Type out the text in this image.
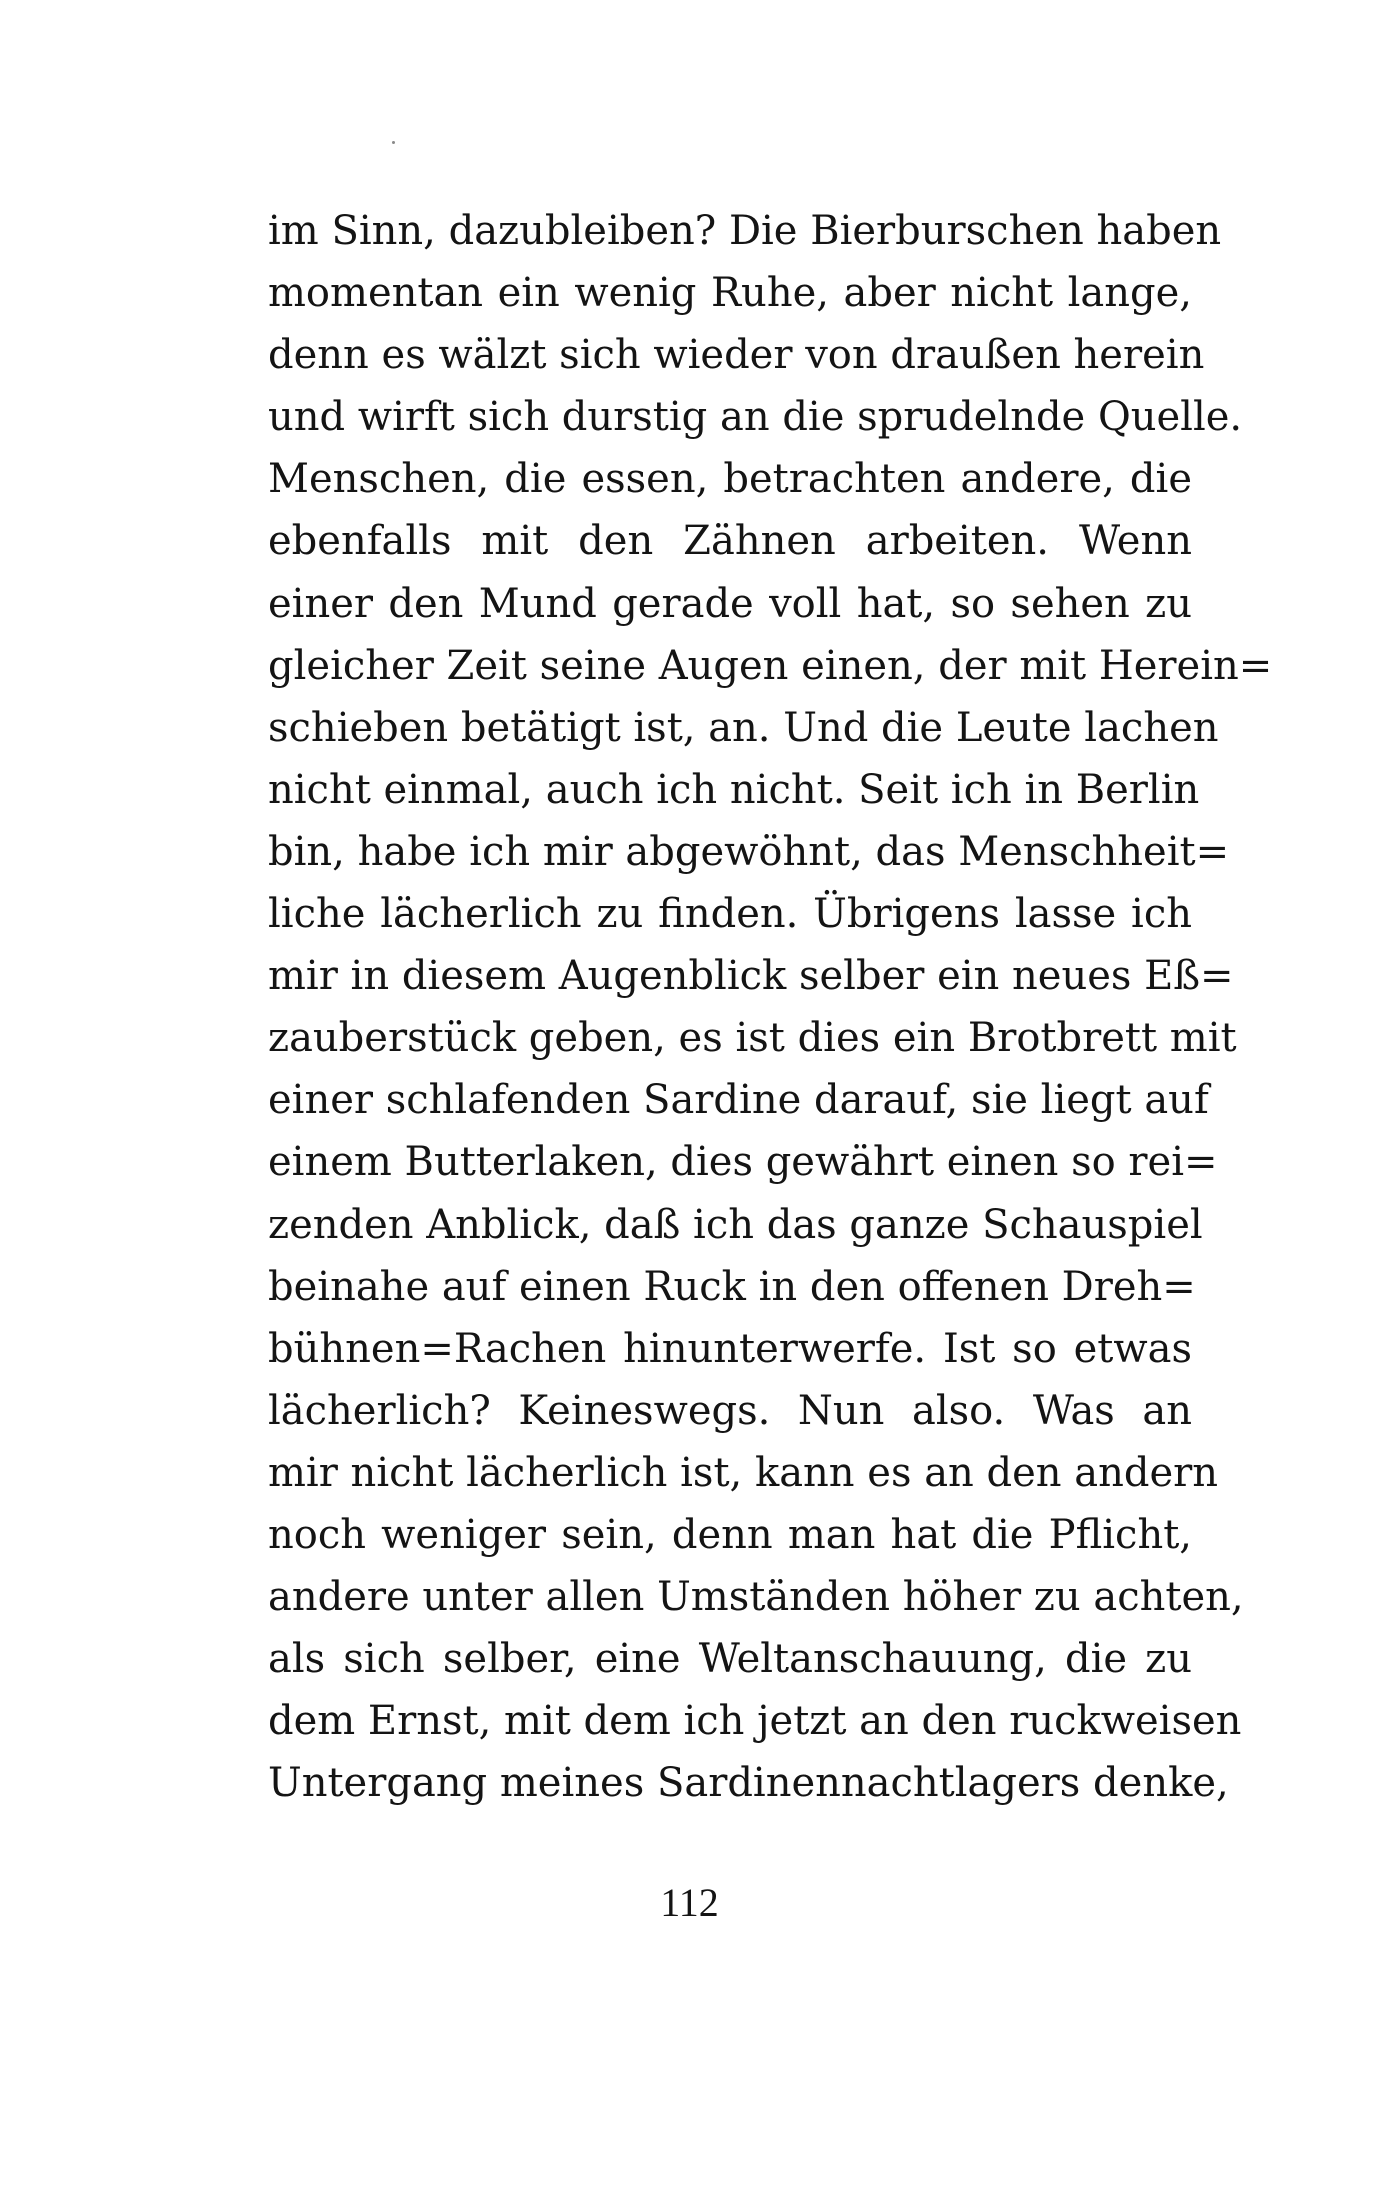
im Sinn, dazubleiben? Die Bierburschen haben
momentan ein wenig Ruhe, aber nicht lange,
denn es wälzt sich wieder von draußen herein
und wirft sich durstig an die sprudelnde Quelle.
Menschen, die essen, betrachten andere, die
ebenfalls mit den Zähnen arbeiten. Wenn
einer den Mund gerade voll hat, so sehen zu
gleicher Zeit seine Augen einen, der mit Herein=
schieben betätigt ist, an. Und die Leute lachen
nicht einmal, auch ich nicht. Seit ich in Berlin
bin, habe ich mir abgewöhnt, das Menschheit=
liche lächerlich zu finden. Übrigens lasse ich
mir in diesem Augenblick selber ein neues Eß=
zauberstück geben, es ist dies ein Brotbrett mit
einer schlafenden Sardine darauf, sie liegt auf
einem Butterlaken, dies gewährt einen so rei=
zenden Anblick, daß ich das ganze Schauspiel
beinahe auf einen Ruck in den offenen Dreh=
bühnen=Rachen hinunterwerfe. Ist so etwas
lächerlich? Keineswegs. Nun also. Was an
mir nicht lächerlich ist, kann es an den andern
noch weniger sein, denn man hat die Pflicht,
andere unter allen Umständen höher zu achten,
als sich selber, eine Weltanschauung, die zu
dem Ernst, mit dem ich jetzt an den ruckweisen
Untergang meines Sardinennachtlagers denke,
112
